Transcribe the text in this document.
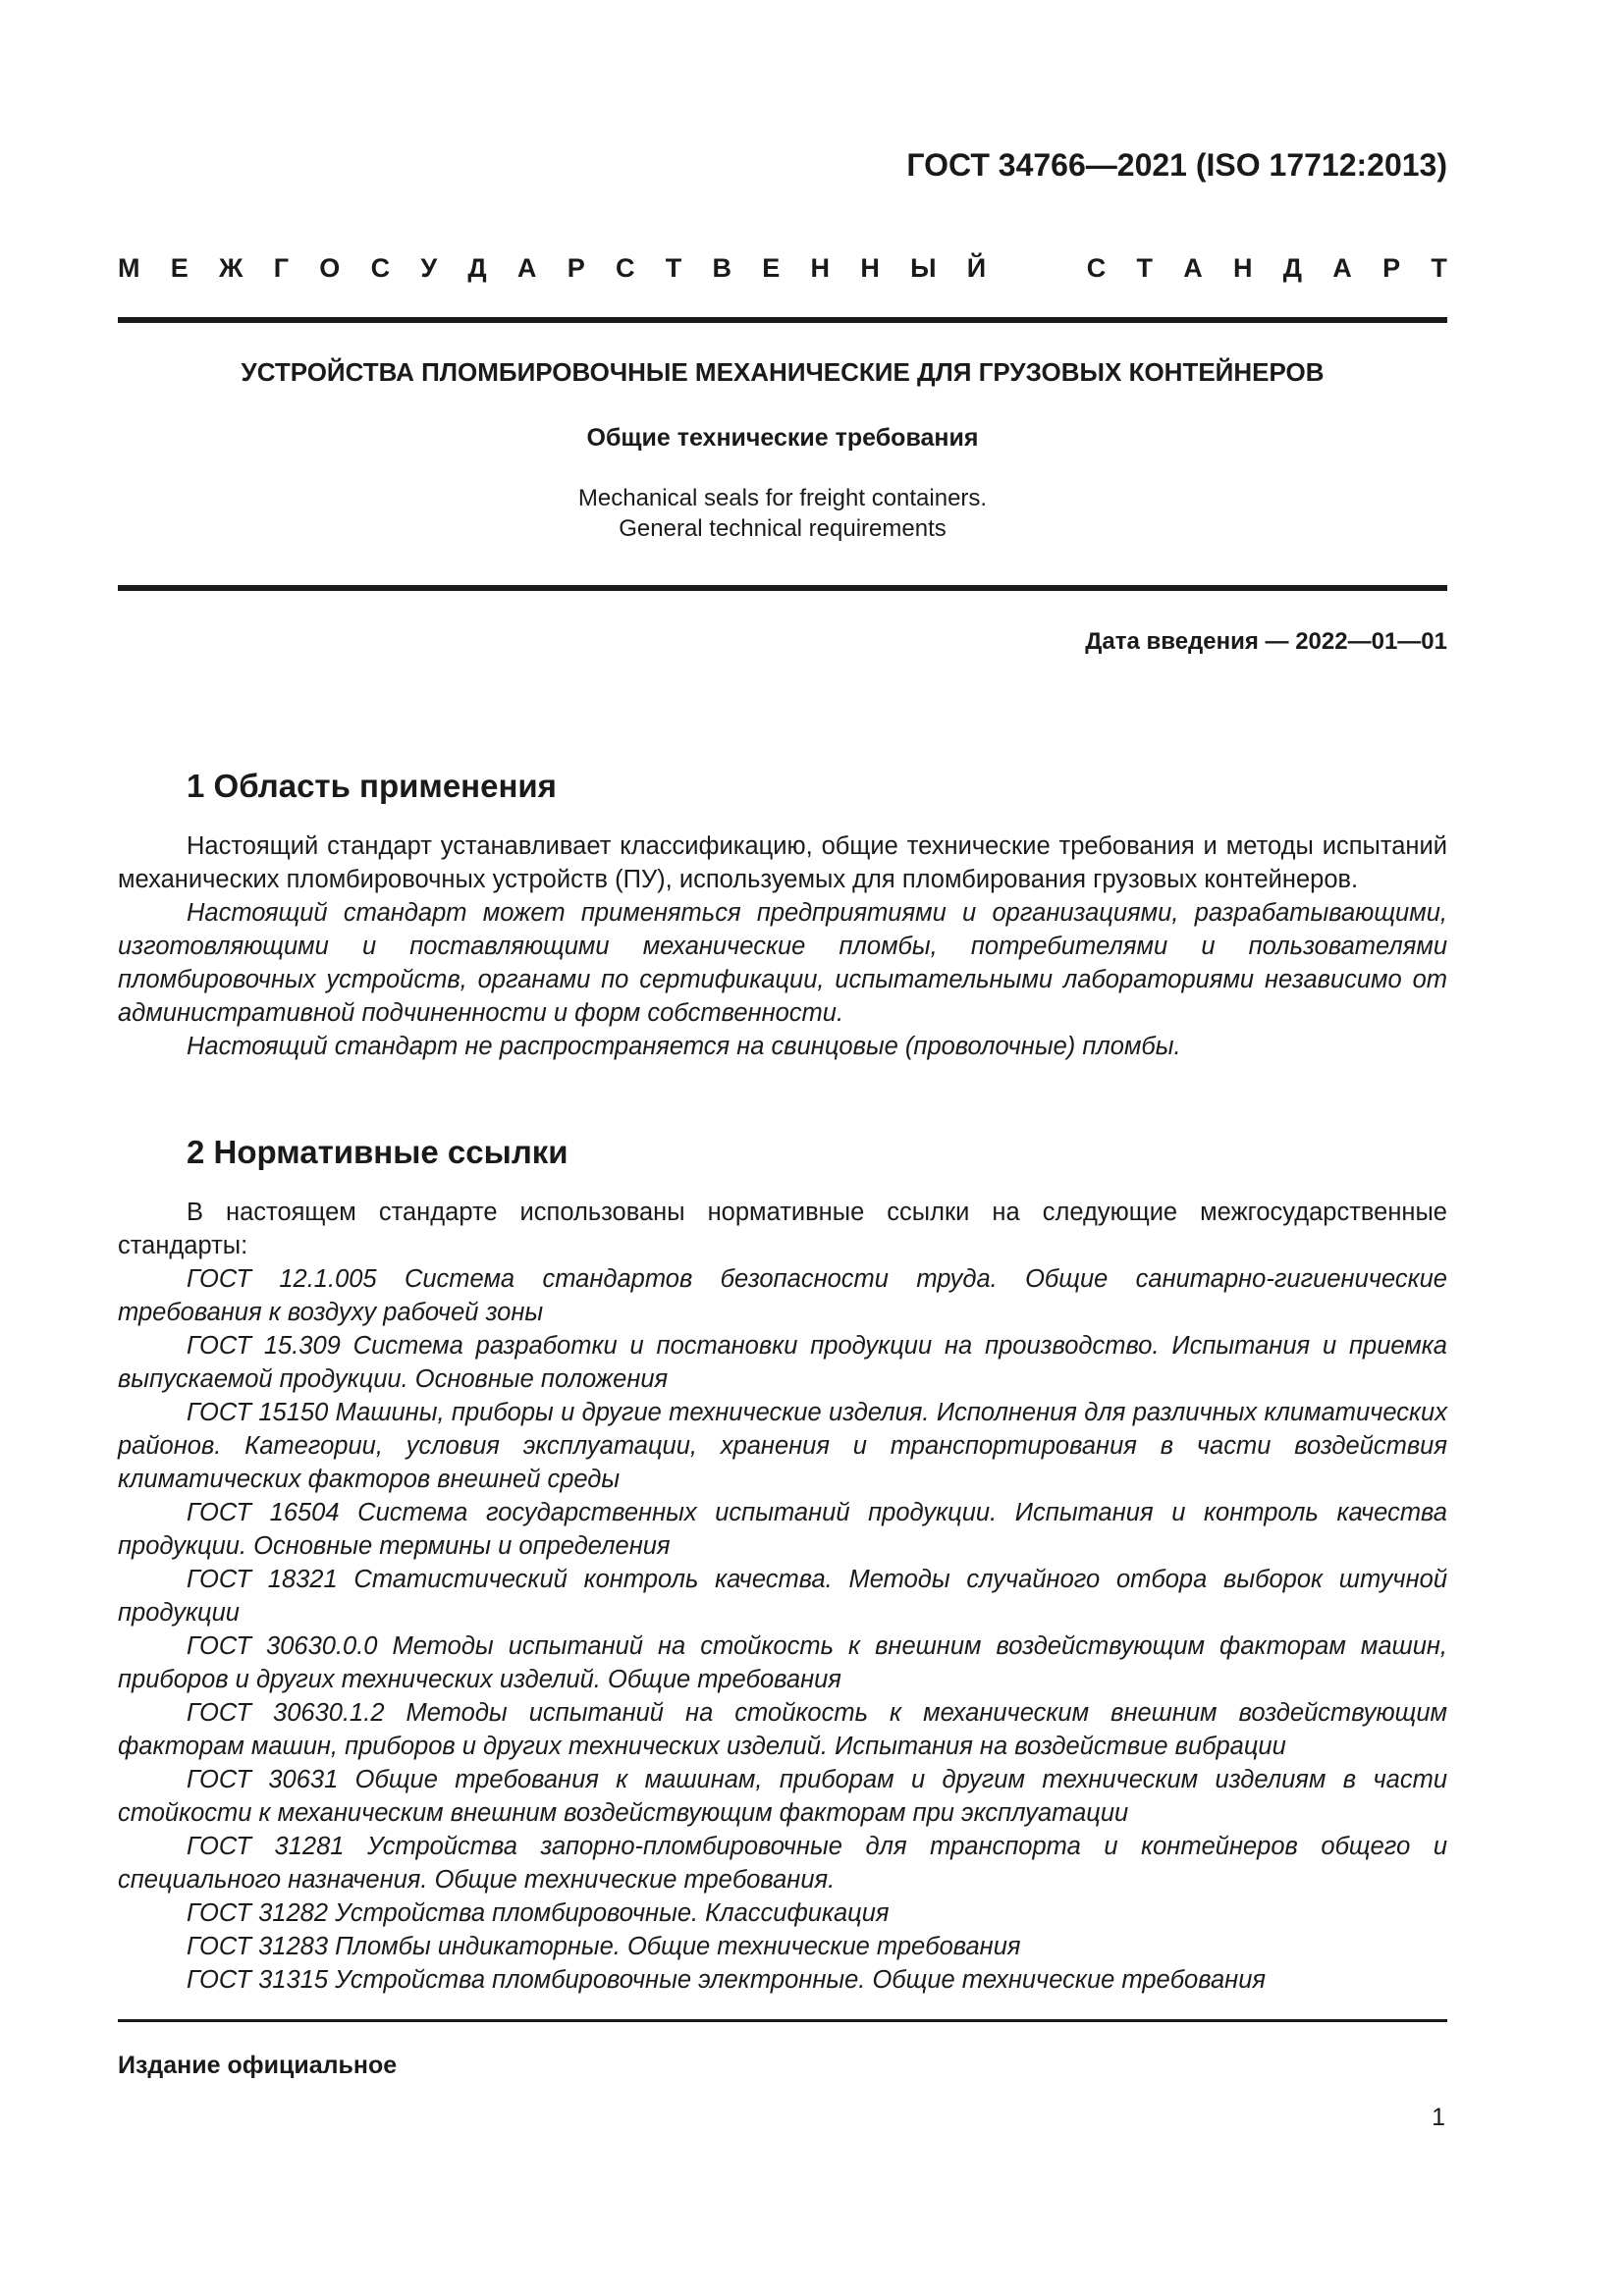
ГОСТ 34766—2021 (ISO 17712:2013)
М Е Ж Г О С У Д А Р С Т В Е Н Н Ы Й	С Т А Н Д А Р Т
УСТРОЙСТВА ПЛОМБИРОВОЧНЫЕ МЕХАНИЧЕСКИЕ ДЛЯ ГРУЗОВЫХ КОНТЕЙНЕРОВ
Общие технические требования
Mechanical seals for freight containers.
General technical requirements
Дата введения — 2022—01—01
1 Область применения

Настоящий стандарт устанавливает классификацию, общие технические требования и методы испытаний механических пломбировочных устройств (ПУ), используемых для пломбирования грузовых контейнеров.

Настоящий стандарт может применяться предприятиями и организациями, разрабатывающими, изготовляющими и поставляющими механические пломбы, потребителями и пользователями пломбировочных устройств, органами по сертификации, испытательными лабораториями независимо от административной подчиненности и форм собственности.

Настоящий стандарт не распространяется на свинцовые (проволочные) пломбы.

2 Нормативные ссылки

В настоящем стандарте использованы нормативные ссылки на следующие межгосударственные стандарты:

ГОСТ 12.1.005 Система стандартов безопасности труда. Общие санитарно-гигиенические требования к воздуху рабочей зоны

ГОСТ 15.309 Система разработки и постановки продукции на производство. Испытания и приемка выпускаемой продукции. Основные положения

ГОСТ 15150 Машины, приборы и другие технические изделия. Исполнения для различных климатических районов. Категории, условия эксплуатации, хранения и транспортирования в части воздействия климатических факторов внешней среды

ГОСТ 16504 Система государственных испытаний продукции. Испытания и контроль качества продукции. Основные термины и определения

ГОСТ 18321 Статистический контроль качества. Методы случайного отбора выборок штучной продукции

ГОСТ 30630.0.0 Методы испытаний на стойкость к внешним воздействующим факторам машин, приборов и других технических изделий. Общие требования

ГОСТ 30630.1.2 Методы испытаний на стойкость к механическим внешним воздействующим факторам машин, приборов и других технических изделий. Испытания на воздействие вибрации

ГОСТ 30631 Общие требования к машинам, приборам и другим техническим изделиям в части стойкости к механическим внешним воздействующим факторам при эксплуатации

ГОСТ 31281 Устройства запорно-пломбировочные для транспорта и контейнеров общего и специального назначения. Общие технические требования.

ГОСТ 31282 Устройства пломбировочные. Классификация

ГОСТ 31283 Пломбы индикаторные. Общие технические требования

ГОСТ 31315 Устройства пломбировочные электронные. Общие технические требования

Издание официальное
1
